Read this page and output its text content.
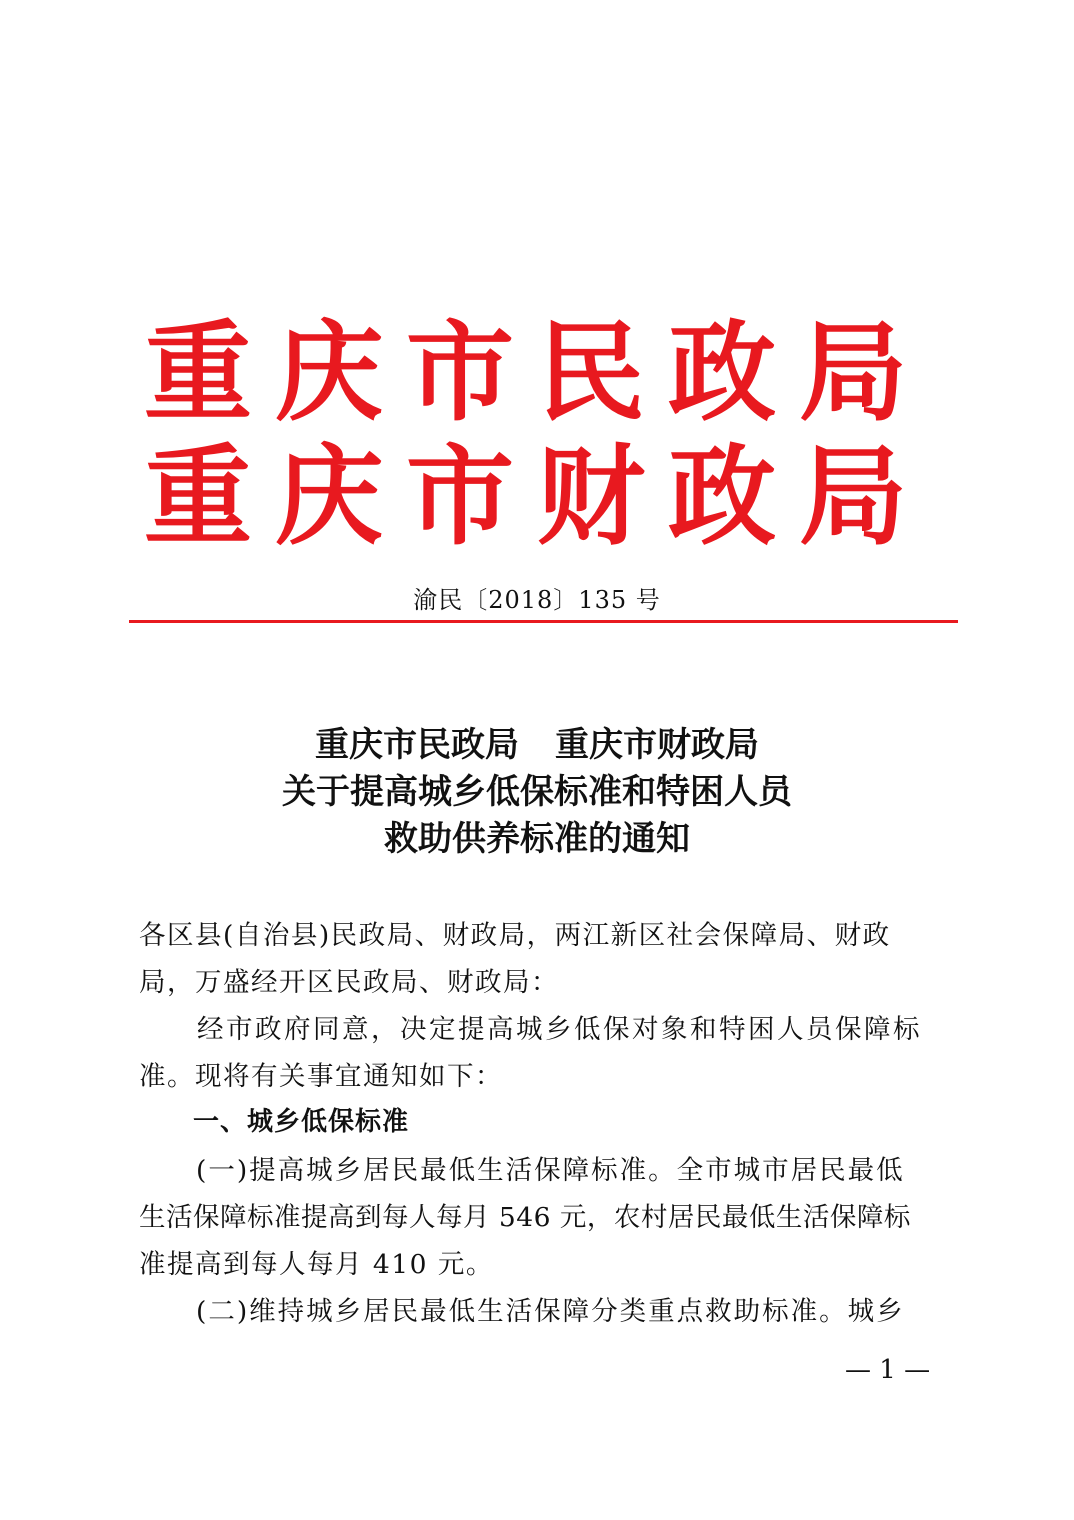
重庆市民政局
重庆市财政局
渝民〔2018〕135 号
重庆市民政局 重庆市财政局
关于提高城乡低保标准和特困人员
救助供养标准的通知
各区县(自治县)民政局、财政局，两江新区社会保障局、财政
局，万盛经开区民政局、财政局：
　　经市政府同意，决定提高城乡低保对象和特困人员保障标
准。现将有关事宜通知如下：
　　一、城乡低保标准
　　(一)提高城乡居民最低生活保障标准。全市城市居民最低
生活保障标准提高到每人每月 546 元，农村居民最低生活保障标
准提高到每人每月 410 元。
　　(二)维持城乡居民最低生活保障分类重点救助标准。城乡
— 1 —
